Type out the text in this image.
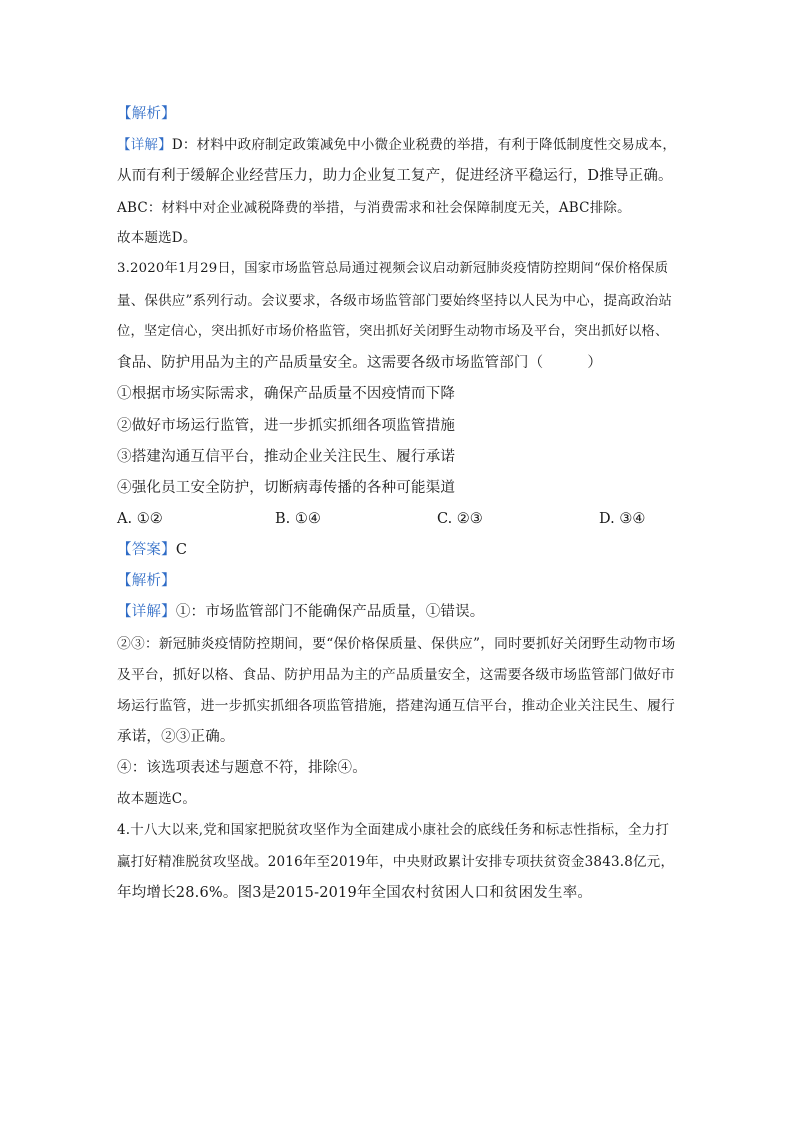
【解析】
【详解】D：材料中政府制定政策减免中小微企业税费的举措，有利于降低制度性交易成本，
从而有利于缓解企业经营压力，助力企业复工复产，促进经济平稳运行，D推导正确。
ABC：材料中对企业减税降费的举措，与消费需求和社会保障制度无关，ABC排除。
故本题选D。
3.2020年1月29日，国家市场监管总局通过视频会议启动新冠肺炎疫情防控期间“保价格保质
量、保供应”系列行动。会议要求，各级市场监管部门要始终坚持以人民为中心，提高政治站
位，坚定信心，突出抓好市场价格监管，突出抓好关闭野生动物市场及平台，突出抓好以格、
食品、防护用品为主的产品质量安全。这需要各级市场监管部门（　　　）
①根据市场实际需求，确保产品质量不因疫情而下降
②做好市场运行监管，进一步抓实抓细各项监管措施
③搭建沟通互信平台，推动企业关注民生、履行承诺
④强化员工安全防护，切断病毒传播的各种可能渠道
A. ①②	B. ①④	C. ②③	D. ③④
【答案】C
【解析】
【详解】①：市场监管部门不能确保产品质量，①错误。
②③：新冠肺炎疫情防控期间，要“保价格保质量、保供应”，同时要抓好关闭野生动物市场
及平台，抓好以格、食品、防护用品为主的产品质量安全，这需要各级市场监管部门做好市
场运行监管，进一步抓实抓细各项监管措施，搭建沟通互信平台，推动企业关注民生、履行
承诺，②③正确。
④：该选项表述与题意不符，排除④。
故本题选C。
4.十八大以来,党和国家把脱贫攻坚作为全面建成小康社会的底线任务和标志性指标，全力打
赢打好精准脱贫攻坚战。2016年至2019年，中央财政累计安排专项扶贫资金3843.8亿元，
年均增长28.6%。图3是2015-2019年全国农村贫困人口和贫困发生率。
